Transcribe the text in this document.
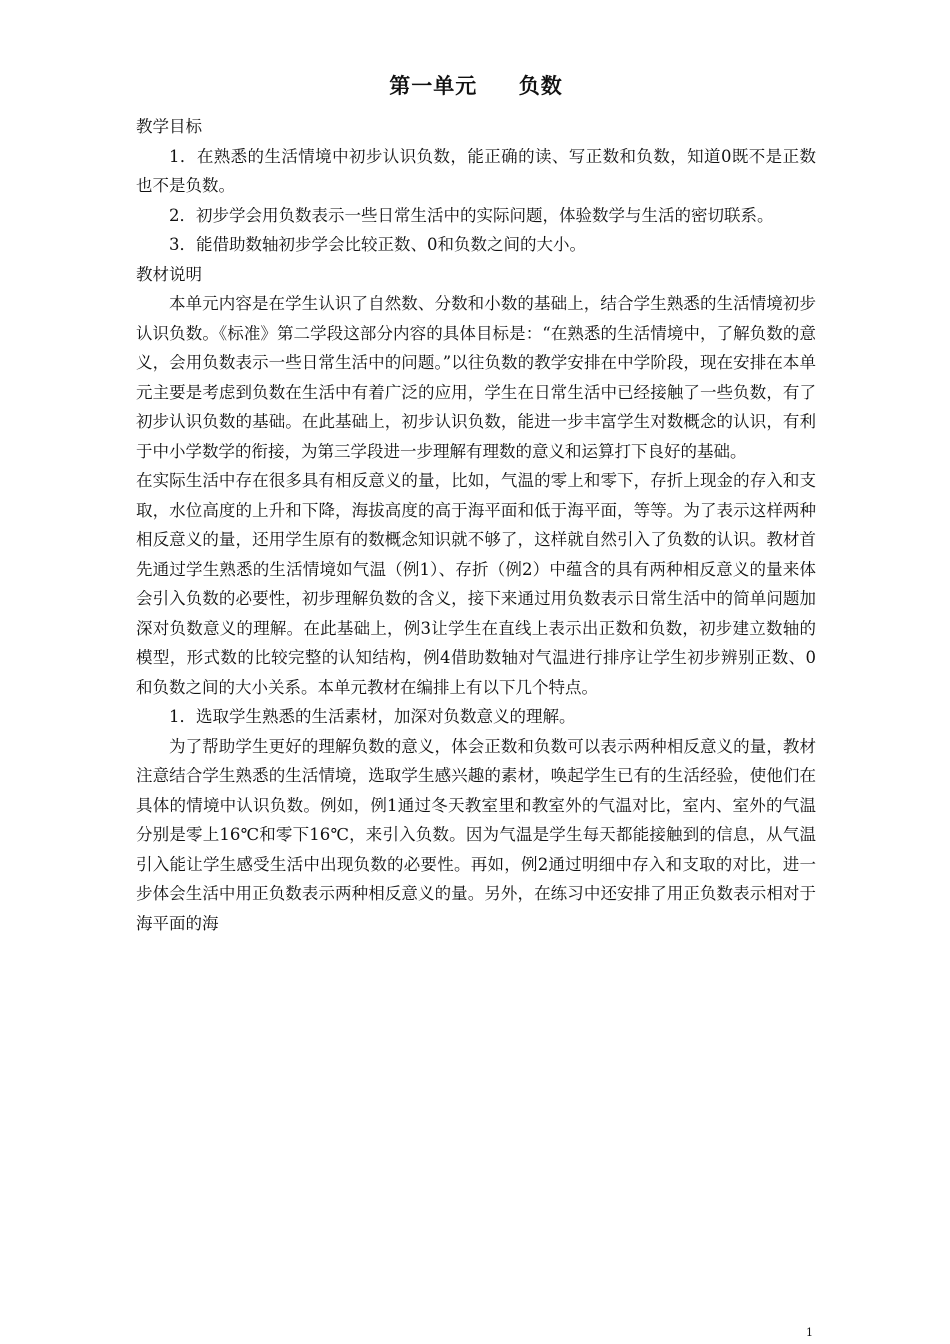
第一单元     负数

教学目标

1．在熟悉的生活情境中初步认识负数，能正确的读、写正数和负数，知道0既不是正数也不是负数。

2．初步学会用负数表示一些日常生活中的实际问题，体验数学与生活的密切联系。

3．能借助数轴初步学会比较正数、0和负数之间的大小。

教材说明

本单元内容是在学生认识了自然数、分数和小数的基础上，结合学生熟悉的生活情境初步认识负数。《标准》第二学段这部分内容的具体目标是：“在熟悉的生活情境中，了解负数的意义，会用负数表示一些日常生活中的问题。”以往负数的教学安排在中学阶段，现在安排在本单元主要是考虑到负数在生活中有着广泛的应用，学生在日常生活中已经接触了一些负数，有了初步认识负数的基础。在此基础上，初步认识负数，能进一步丰富学生对数概念的认识，有利于中小学数学的衔接，为第三学段进一步理解有理数的意义和运算打下良好的基础。

在实际生活中存在很多具有相反意义的量，比如，气温的零上和零下，存折上现金的存入和支取，水位高度的上升和下降，海拔高度的高于海平面和低于海平面，等等。为了表示这样两种相反意义的量，还用学生原有的数概念知识就不够了，这样就自然引入了负数的认识。教材首先通过学生熟悉的生活情境如气温（例1）、存折（例2）中蕴含的具有两种相反意义的量来体会引入负数的必要性，初步理解负数的含义，接下来通过用负数表示日常生活中的简单问题加深对负数意义的理解。在此基础上，例3让学生在直线上表示出正数和负数，初步建立数轴的模型，形式数的比较完整的认知结构，例4借助数轴对气温进行排序让学生初步辨别正数、0和负数之间的大小关系。本单元教材在编排上有以下几个特点。

1．选取学生熟悉的生活素材，加深对负数意义的理解。

为了帮助学生更好的理解负数的意义，体会正数和负数可以表示两种相反意义的量，教材注意结合学生熟悉的生活情境，选取学生感兴趣的素材，唤起学生已有的生活经验，使他们在具体的情境中认识负数。例如，例1通过冬天教室里和教室外的气温对比，室内、室外的气温分别是零上16℃和零下16℃，来引入负数。因为气温是学生每天都能接触到的信息，从气温引入能让学生感受生活中出现负数的必要性。再如，例2通过明细中存入和支取的对比，进一步体会生活中用正负数表示两种相反意义的量。另外，在练习中还安排了用正负数表示相对于海平面的海

1
